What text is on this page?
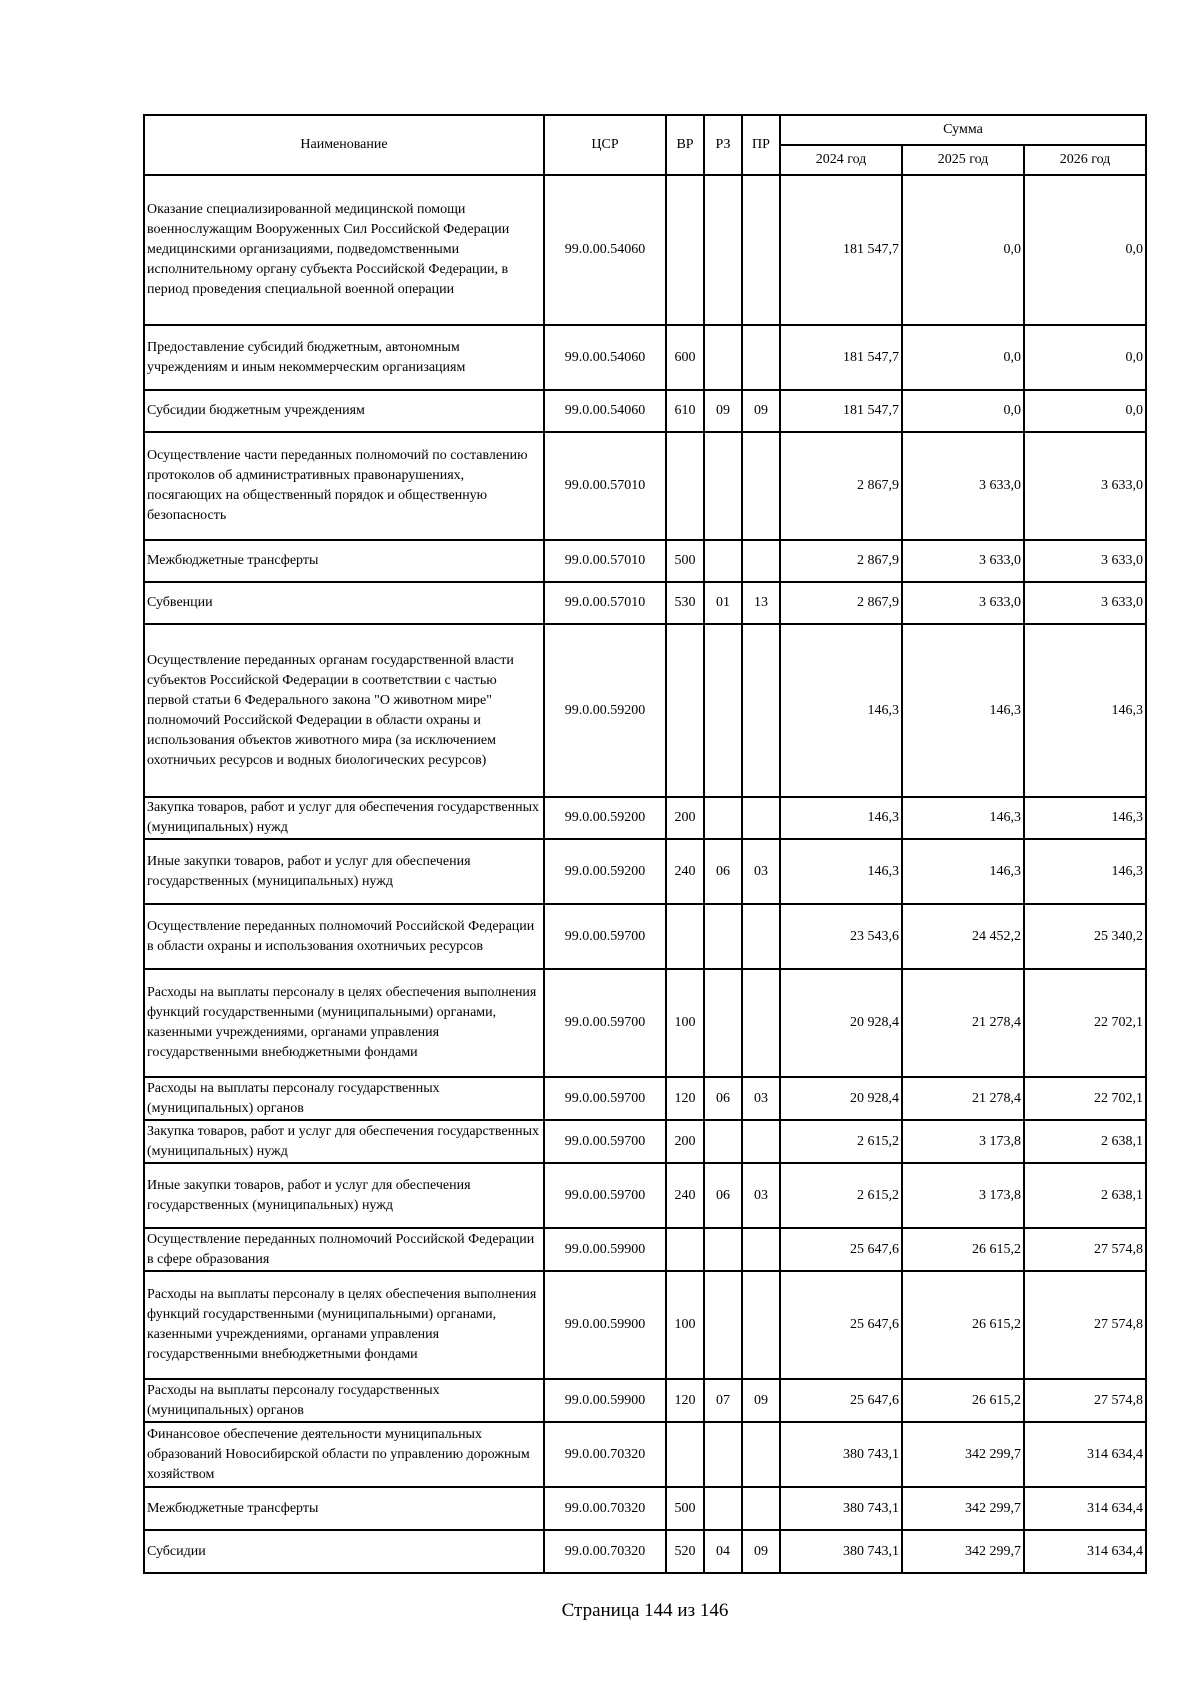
Наименование	ЦСР	ВР	РЗ	ПР	Сумма		
					2024 год	2025 год	2026 год
Оказание специализированной медицинской помощи военнослужащим Вооруженных Сил Российской Федерации медицинскими организациями, подведомственными исполнительному органу субъекта Российской Федерации, в период проведения специальной военной операции	99.0.00.54060				181 547,7	0,0	0,0
Предоставление субсидий бюджетным, автономным учреждениям и иным некоммерческим организациям	99.0.00.54060	600			181 547,7	0,0	0,0
Субсидии бюджетным учреждениям	99.0.00.54060	610	09	09	181 547,7	0,0	0,0
Осуществление части переданных полномочий по составлению протоколов об административных правонарушениях, посягающих на общественный порядок и общественную безопасность	99.0.00.57010				2 867,9	3 633,0	3 633,0
Межбюджетные трансферты	99.0.00.57010	500			2 867,9	3 633,0	3 633,0
Субвенции	99.0.00.57010	530	01	13	2 867,9	3 633,0	3 633,0
Осуществление переданных органам государственной власти субъектов Российской Федерации в соответствии с частью первой статьи 6 Федерального закона "О животном мире" полномочий Российской Федерации в области охраны и использования объектов животного мира (за исключением охотничьих ресурсов и водных биологических ресурсов)	99.0.00.59200				146,3	146,3	146,3
Закупка товаров, работ и услуг для обеспечения государственных (муниципальных) нужд	99.0.00.59200	200			146,3	146,3	146,3
Иные закупки товаров, работ и услуг для обеспечения государственных (муниципальных) нужд	99.0.00.59200	240	06	03	146,3	146,3	146,3
Осуществление переданных полномочий Российской Федерации в области охраны и использования охотничьих ресурсов	99.0.00.59700				23 543,6	24 452,2	25 340,2
Расходы на выплаты персоналу в целях обеспечения выполнения функций государственными (муниципальными) органами, казенными учреждениями, органами управления государственными внебюджетными фондами	99.0.00.59700	100			20 928,4	21 278,4	22 702,1
Расходы на выплаты персоналу государственных (муниципальных) органов	99.0.00.59700	120	06	03	20 928,4	21 278,4	22 702,1
Закупка товаров, работ и услуг для обеспечения государственных (муниципальных) нужд	99.0.00.59700	200			2 615,2	3 173,8	2 638,1
Иные закупки товаров, работ и услуг для обеспечения государственных (муниципальных) нужд	99.0.00.59700	240	06	03	2 615,2	3 173,8	2 638,1
Осуществление переданных полномочий Российской Федерации в сфере образования	99.0.00.59900				25 647,6	26 615,2	27 574,8
Расходы на выплаты персоналу в целях обеспечения выполнения функций государственными (муниципальными) органами, казенными учреждениями, органами управления государственными внебюджетными фондами	99.0.00.59900	100			25 647,6	26 615,2	27 574,8
Расходы на выплаты персоналу государственных (муниципальных) органов	99.0.00.59900	120	07	09	25 647,6	26 615,2	27 574,8
Финансовое обеспечение деятельности муниципальных образований Новосибирской области по управлению дорожным хозяйством	99.0.00.70320				380 743,1	342 299,7	314 634,4
Межбюджетные трансферты	99.0.00.70320	500			380 743,1	342 299,7	314 634,4
Субсидии	99.0.00.70320	520	04	09	380 743,1	342 299,7	314 634,4
Страница 144 из 146
